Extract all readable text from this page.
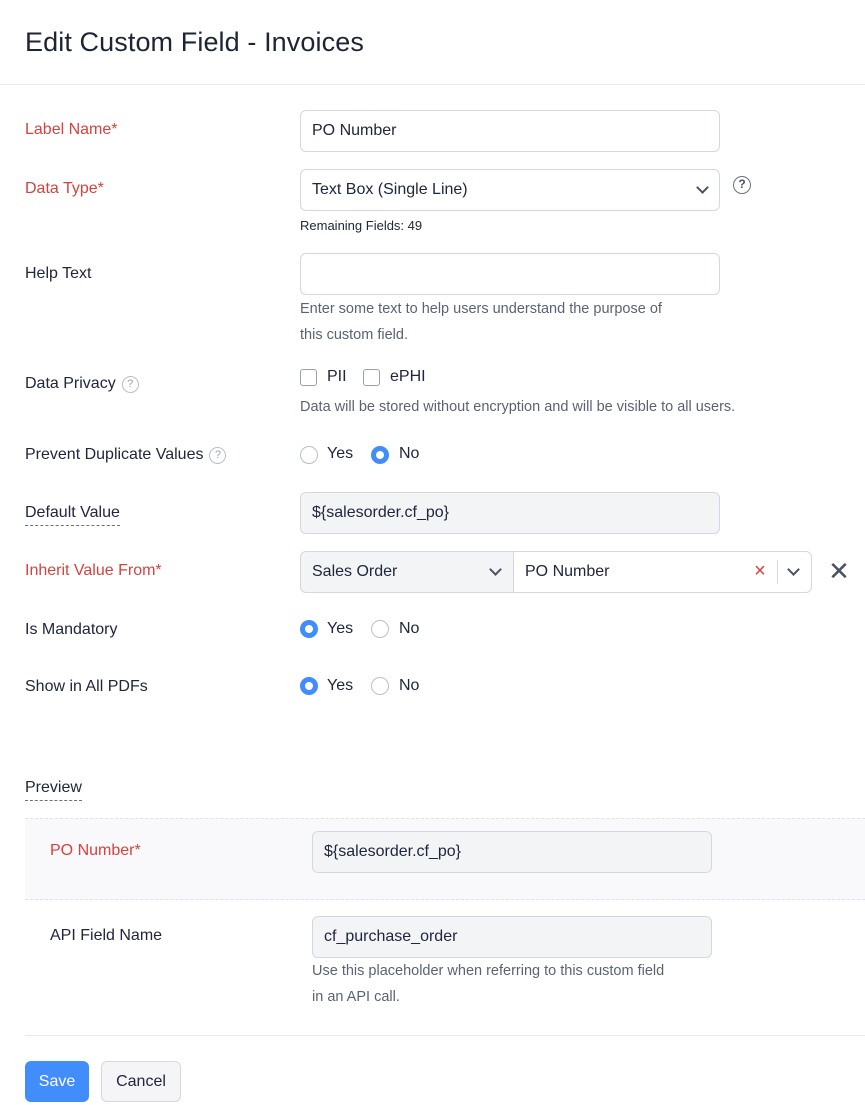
Edit Custom Field - Invoices
Label Name*	PO Number
Data Type*	Text Box (Single Line)	?
Remaining Fields: 49
Help Text
Enter some text to help users understand the purpose of
this custom field.
Data Privacy ?	PII	ePHI
Data will be stored without encryption and will be visible to all users.
Prevent Duplicate Values ?	Yes	No
Default Value	${salesorder.cf_po}
Inherit Value From*	Sales Order	PO Number	× ✕
Is Mandatory	Yes	No
Show in All PDFs	Yes	No
Preview
PO Number*	${salesorder.cf_po}
API Field Name	cf_purchase_order
Use this placeholder when referring to this custom field
in an API call.
Save	Cancel
